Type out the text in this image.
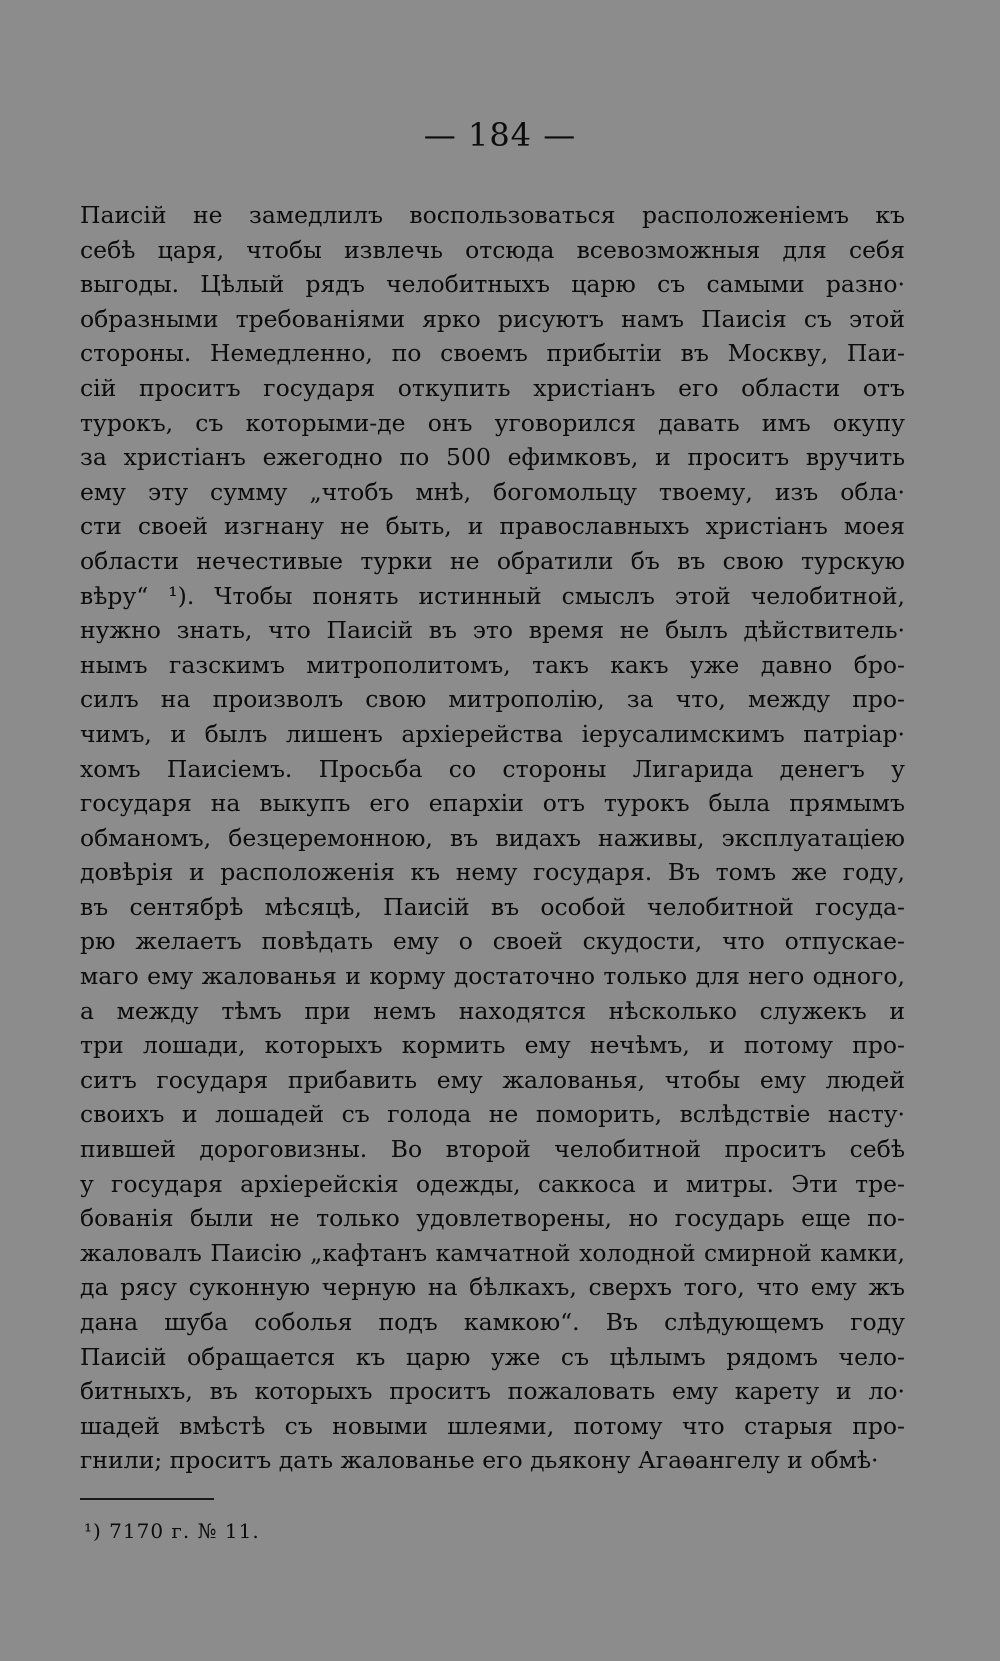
— 184 —
Паисій не замедлилъ воспользоваться расположеніемъ къ
себѣ царя, чтобы извлечь отсюда всевозможныя для себя
выгоды. Цѣлый рядъ челобитныхъ царю съ самыми разно·
образными требованіями ярко рисуютъ намъ Паисія съ этой
стороны. Немедленно, по своемъ прибытіи въ Москву, Паи-
сій проситъ государя откупить христіанъ его области отъ
турокъ, съ которыми-де онъ уговорился давать имъ окупу
за христіанъ ежегодно по 500 ефимковъ, и проситъ вручить
ему эту сумму „чтобъ мнѣ, богомольцу твоему, изъ обла·
сти своей изгнану не быть, и православныхъ христіанъ моея
области нечестивые турки не обратили бъ въ свою турскую
вѣру“ ¹). Чтобы понять истинный смыслъ этой челобитной,
нужно знать, что Паисій въ это время не былъ дѣйствитель·
нымъ газскимъ митрополитомъ, такъ какъ уже давно бро-
силъ на произволъ свою митрополію, за что, между про-
чимъ, и былъ лишенъ архіерейства іерусалимскимъ патріар·
хомъ Паисіемъ. Просьба со стороны Лигарида денегъ у
государя на выкупъ его епархіи отъ турокъ была прямымъ
обманомъ, безцеремонною, въ видахъ наживы, эксплуатаціею
довѣрія и расположенія къ нему государя. Въ томъ же году,
въ сентябрѣ мѣсяцѣ, Паисій въ особой челобитной госуда-
рю желаетъ повѣдать ему о своей скудости, что отпускае-
маго ему жалованья и корму достаточно только для него одного,
а между тѣмъ при немъ находятся нѣсколько служекъ и
три лошади, которыхъ кормить ему нечѣмъ, и потому про-
ситъ государя прибавить ему жалованья, чтобы ему людей
своихъ и лошадей съ голода не поморить, вслѣдствіе насту·
пившей дороговизны. Во второй челобитной проситъ себѣ
у государя архіерейскія одежды, саккоса и митры. Эти тре-
бованія были не только удовлетворены, но государь еще по-
жаловалъ Паисію „кафтанъ камчатной холодной смирной камки,
да рясу суконную черную на бѣлкахъ, сверхъ того, что ему жъ
дана шуба соболья подъ камкою“. Въ слѣдующемъ году
Паисій обращается къ царю уже съ цѣлымъ рядомъ чело-
битныхъ, въ которыхъ проситъ пожаловать ему карету и ло·
шадей вмѣстѣ съ новыми шлеями, потому что старыя про-
гнили; проситъ дать жалованье его дьякону Агаѳангелу и обмѣ·
¹) 7170 г. № 11.
